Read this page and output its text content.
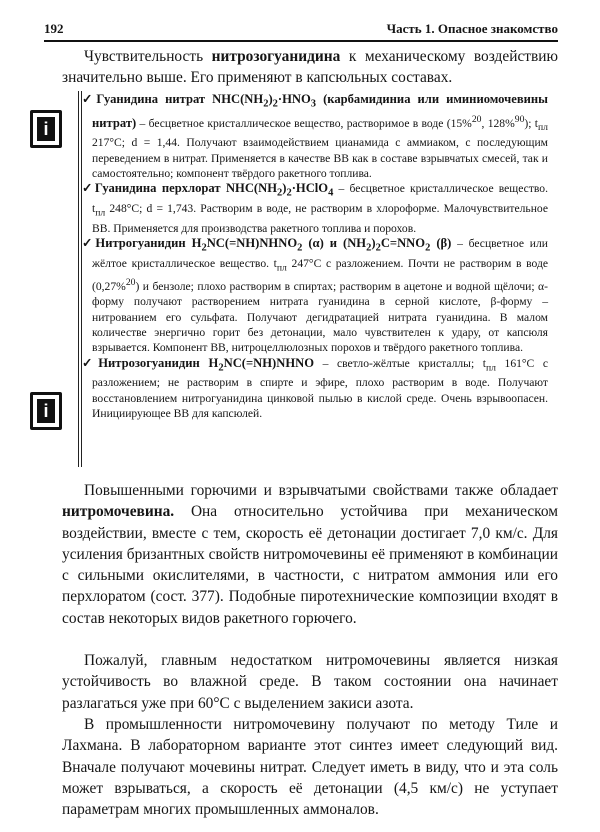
192	Часть 1. Опасное знакомство

Чувствительность нитрозогуанидина к механическому воздействию значительно выше. Его применяют в капсюльных составах.

i
i

✓Гуанидина нитрат $NHC(NH_2)_2\cdot HNO_3$ (карбамидиниа или иминиомочевины нитрат) – бесцветное кристаллическое вещество, растворимое в воде (15%$^{20}$, 128%$^{90}$); $t_{пл}$ 217°C; d = 1,44. Получают взаимодействием цианамида с аммиаком, с последующим переведением в нитрат. Применяется в качестве ВВ как в составе взрывчатых смесей, так и самостоятельно; компонент твёрдого ракетного топлива.

✓Гуанидина перхлорат $NHC(NH_2)_2\cdot HClO_4$ – бесцветное кристаллическое вещество. $t_{пл}$ 248°C; d = 1,743. Растворим в воде, не растворим в хлороформе. Малочувствительное ВВ. Применяется для производства ракетного топлива и порохов.

✓Нитрогуанидин $H_2NC(=NH)NHNO_2$ (α) и $(NH_2)_2C=NNO_2$ (β) – бесцветное или жёлтое кристаллическое вещество. $t_{пл}$ 247°C с разложением. Почти не растворим в воде (0,27%$^{20}$) и бензоле; плохо растворим в спиртах; растворим в ацетоне и водной щёлочи; α-форму получают растворением нитрата гуанидина в серной кислоте, β-форму – нитрованием его сульфата. Получают дегидратацией нитрата гуанидина. В малом количестве энергично горит без детонации, мало чувствителен к удару, от капсюля взрывается. Компонент ВВ, нитроцеллюлозных порохов и твёрдого ракетного топлива.

✓Нитрозогуанидин $H_2NC(=NH)NHNO$ – светло-жёлтые кристаллы; $t_{пл}$ 161°C с разложением; не растворим в спирте и эфире, плохо растворим в воде. Получают восстановлением нитрогуанидина цинковой пылью в кислой среде. Очень взрывоопасен. Инициирующее ВВ для капсюлей.

Повышенными горючими и взрывчатыми свойствами также обладает нитромочевина. Она относительно устойчива при механическом воздействии, вместе с тем, скорость её детонации достигает 7,0 км/с. Для усиления бризантных свойств нитромочевины её применяют в комбинации с сильными окислителями, в частности, с нитратом аммония или его перхлоратом (сост. 377). Подобные пиротехнические композиции входят в состав некоторых видов ракетного горючего.

Пожалуй, главным недостатком нитромочевины является низкая устойчивость во влажной среде. В таком состоянии она начинает разлагаться уже при 60°C с выделением закиси азота.

В промышленности нитромочевину получают по методу Тиле и Лахмана. В лабораторном варианте этот синтез имеет следующий вид. Вначале получают мочевины нитрат. Следует иметь в виду, что и эта соль может взрываться, а скорость её детонации (4,5 км/с) не уступает параметрам многих промышленных аммоналов.
